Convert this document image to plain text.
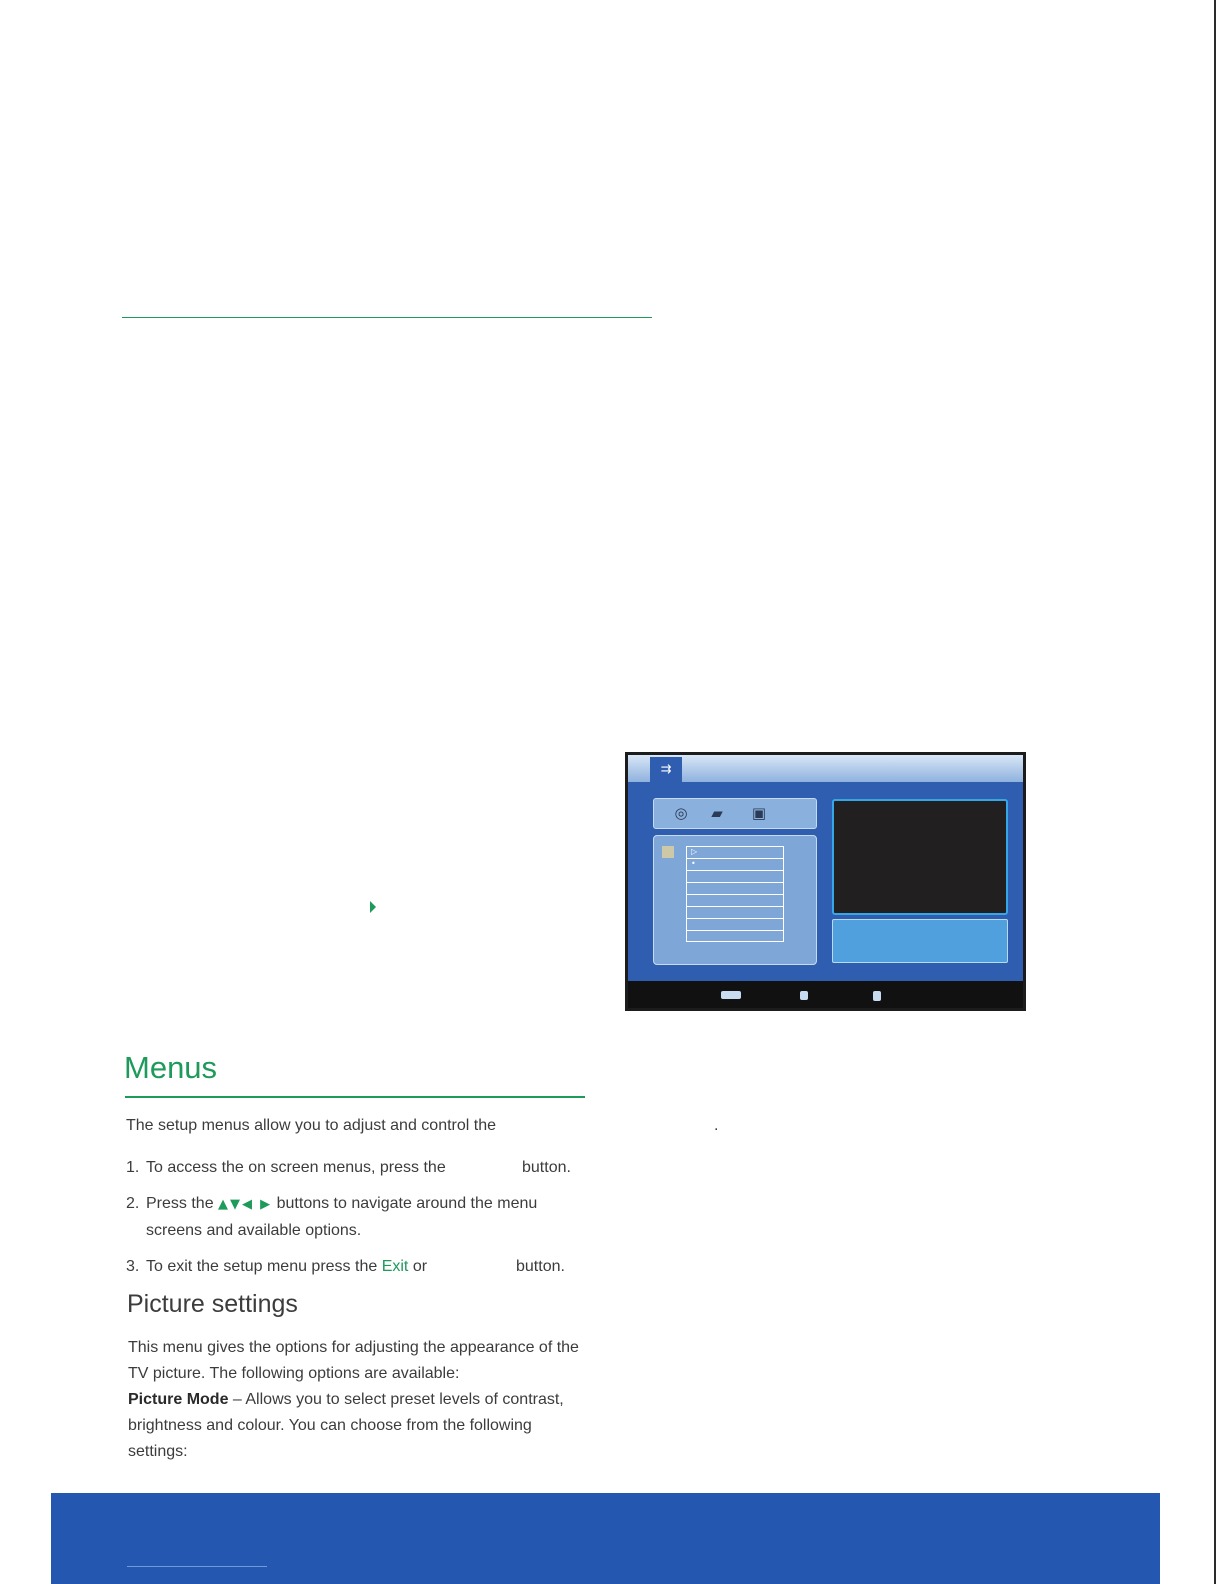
⇉
◎ ▰ ▣
▷
•
Menus

The setup menus allow you to adjust and control the	.

1. To access the on screen menus, press the	button.
2. Press the ▲▼◀ ▶ buttons to navigate around the menu screens and available options.
3. To exit the setup menu press the Exit or	button.
Picture settings

This menu gives the options for adjusting the appearance of the TV picture. The following options are available:
Picture Mode – Allows you to select preset levels of contrast, brightness and colour. You can choose from the following settings:
